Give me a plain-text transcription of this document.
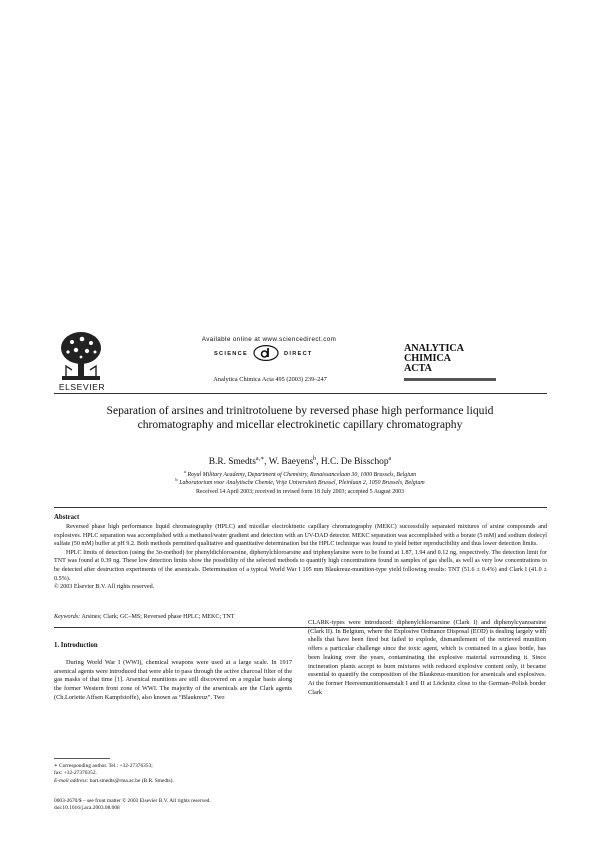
ELSEVIER
Available online at www.sciencedirect.com
SCIENCE	DIRECT
Analytica Chimica Acta 495 (2003) 239–247
ANALYTICA
CHIMICA
ACTA
Separation of arsines and trinitrotoluene by reversed phase high performance liquid chromatography and micellar electrokinetic capillary chromatography
B.R. Smedts$^{a,∗}$, W. Baeyens$^b$, H.C. De Bisschop$^a$
$^a$ Royal Military Academy, Department of Chemistry, Renaissancelaan 30, 1000 Brussels, Belgium
$^b$ Laboratorium voor Analytische Chemie, Vrije Universiteit Brussel, Pleinlaan 2, 1050 Brussels, Belgium
Received 14 April 2003; received in revised form 18 July 2003; accepted 5 August 2003
Abstract

Reversed phase high performance liquid chromatography (HPLC) and micellar electrokinetic capillary chromatography (MEKC) successfully separated mixtures of arsine compounds and explosives. HPLC separation was accomplished with a methanol/water gradient and detection with an UV-DAD detector. MEKC separation was accomplished with a borate (5 mM) and sodium dodecyl sulfate (50 mM) buffer at pH 9.2. Both methods permitted qualitative and quantitative determination but the HPLC technique was found to yield better reproducibility and thus lower detection limits.

HPLC limits of detection (using the 3σ-method) for phenyldichloroarsine, diphenylchloroarsine and triphenylarsine were to be found at 1.87, 1.94 and 0.12 ng, respectively. The detection limit for TNT was found at 0.39 ng. These low detection limits show the possibility of the selected methods to quantify high concentrations found in samples of gas shells, as well as very low concentrations to be detected after destruction experiments of the arsenicals. Determination of a typical World War I 105 mm Blaukreuz-munition-type yield following results: TNT (51.6 ± 0.4%) and Clark I (41.0 ± 0.5%).

© 2003 Elsevier B.V. All rights reserved.

Keywords: Arsines; Clark; GC–MS; Reversed phase HPLC; MEKC; TNT
1. Introduction

During World War I (WWI), chemical weapons were used at a large scale. In 1917 arsenical agents were introduced that were able to pass through the active charcoal filter of the gas masks of that time [1]. Arsenical munitions are still discovered on a regular basis along the former Western front zone of WWI. The majority of the arsenicals are the Clark agents (Ch.Loriette Affsen Kampfstoffe), also known as “Blaukreuz”. Two

CLARK-types were introduced: diphenylchloroarsine (Clark I) and diphenylcyanoarsine (Clark II). In Belgium, where the Explosive Ordnance Disposal (EOD) is dealing largely with shells that have been fired but failed to explode, dismantlement of the retrieved munition offers a particular challenge since the toxic agent, which is contained in a glass bottle, has been leaking over the years, contaminating the explosive material surrounding it. Since incineration plants accept to burn mixtures with reduced explosive content only, it became essential to quantify the composition of the Blaukreuz-munition for arsenicals and explosives. At the former Heeresmunitionsanstalt I and II at Löcknitz close to the German–Polish border Clark

∗ Corresponding author. Tel.: +32-27376353;
fax: +32-27376352.
E-mail address: bart.smedts@rma.ac.be (B.R. Smedts).
0003-2670/$ – see front matter © 2003 Elsevier B.V. All rights reserved.
doi:10.1016/j.aca.2003.08.008
